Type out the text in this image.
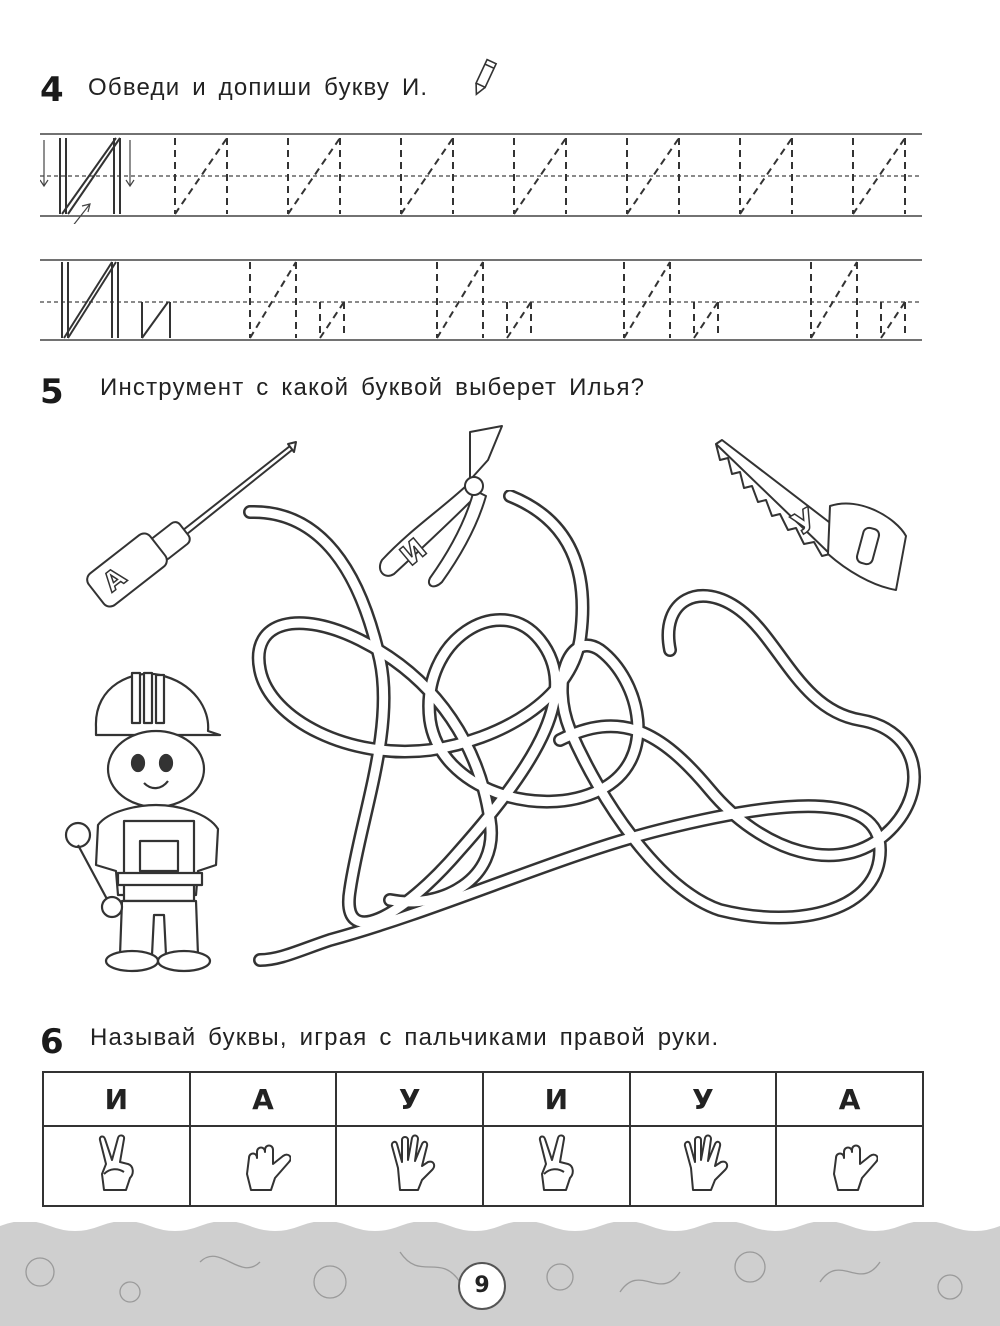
4 Обведи и допиши букву И.
5 Инструмент с какой буквой выберет Илья?
А
И
У
6 Называй буквы, играя с пальчиками правой руки.
И	А	У	И	У	А

9
